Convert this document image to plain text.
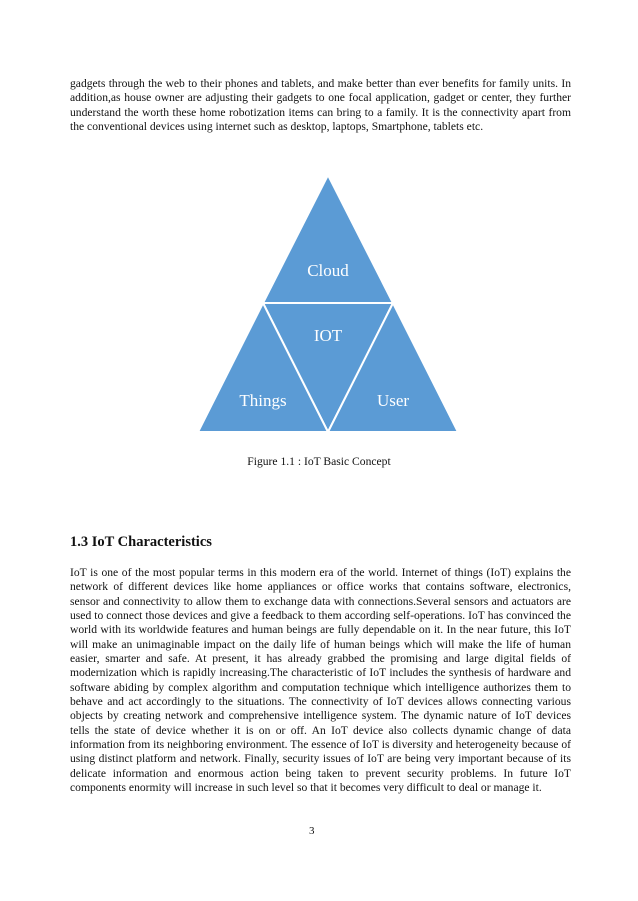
gadgets through the web to their phones and tablets, and make better than ever benefits for family units. In addition,as house owner are adjusting their gadgets to one focal application, gadget or center, they further understand the worth these home robotization items can bring to a family. It is the connectivity apart from the conventional devices using internet such as desktop, laptops, Smartphone, tablets etc.

Cloud
IOT
Things	User
Figure 1.1 : IoT Basic Concept
1.3 IoT Characteristics

IoT is one of the most popular terms in this modern era of the world. Internet of things (IoT) explains the network of different devices like home appliances or office works that contains software, electronics, sensor and connectivity to allow them to exchange data with connections.Several sensors and actuators are used to connect those devices and give a feedback to them according self-operations. IoT has convinced the world with its worldwide features and human beings are fully dependable on it. In the near future, this IoT will make an unimaginable impact on the daily life of human beings which will make the life of human easier, smarter and safe. At present, it has already grabbed the promising and large digital fields of modernization which is rapidly increasing.The characteristic of IoT includes the synthesis of hardware and software abiding by complex algorithm and computation technique which intelligence authorizes them to behave and act accordingly to the situations. The connectivity of IoT devices allows connecting various objects by creating network and comprehensive intelligence system. The dynamic nature of IoT devices tells the state of device whether it is on or off. An IoT device also collects dynamic change of data information from its neighboring environment. The essence of IoT is diversity and heterogeneity because of using distinct platform and network. Finally, security issues of IoT are being very important because of its delicate information and enormous action being taken to prevent security problems. In future IoT components enormity will increase in such level so that it becomes very difficult to deal or manage it.

3
